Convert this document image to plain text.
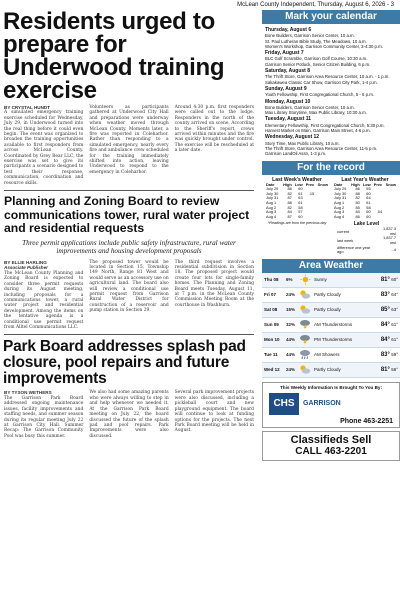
McLean County Independent, Thursday, August 6, 2026 - 3
Residents urged to prepare for Underwood training exercise
BY CRYSTAL HUNDT
A simulated emergency training exercise scheduled for Wednesday, July 29, in Underwood turned into the real thing before it could even begin. The event was organized to broaden the training opportunities available to first responders from across McLean County. Coordinated by Grey Bear LLC, the exercise was set to give its participants a scenario designed to test their response, communication, coordination and resource skills.
Volunteers as participants gathered at Underwood City Hall and preparations were underway when weather moved through McLean County. Moments later, a fire was reported in Coleharbor. Rather than responding to a simulated emergency, nearly every fire and ambulance crew scheduled for the training immediately shifted into action, leaving Underwood to respond to the emergency in Coleharbor.
Around 4:30 p.m. first responders were called out to the lodge. Responders in the north of the county arrived on scene. According to the Sheriff's report, crews arrived within minutes and the fire was quickly brought under control. The exercise will be rescheduled at a later date.
Planning and Zoning Board to review communications tower, rural water project and residential requests
Three permit applications include public safety infrastructure, rural water improvements and housing development proposals
BY ELLIE HARLING
Associate Publisher
The McLean County Planning and Zoning Board is expected to consider three permit requests during its August meeting, including proposals for a communications tower, a rural water project and residential development. Among the items on the tentative agenda is a conditional use permit request from Alltel Communications LLC.
The proposed tower would be located in Section 15, Township 149 North, Range 81 West and would serve as an accessory use on agricultural land. The board also will review a conditional use permit request from Garrison Rural Water District for construction of a reservoir and pump station in Section 29.
The third request involves a residential subdivision in Section 18. The proposed project would create four lots for single-family homes. The Planning and Zoning Board meets Tuesday, August 11, at 7 p.m. in the McLean County Commission Meeting Room at the courthouse in Washburn.
Park Board addresses splash pad closure, pool repairs and future improvements
BY TYSON WETHERS
The Garrison Park Board addressed ongoing maintenance issues, facility improvements and staffing needs, and summer season during its regular meeting July 22 at Garrison City Hall. Summer Recap: The Garrison Community Pool was busy this summer.
We also had some amazing parents who were always willing to step in and help whenever we needed it. At the Garrison Park Board meeting on July 22, the board discussed the future of the splash pad and pool repairs. Park Improvements were also discussed.
Several park improvement projects were also discussed, including a pickleball court and new playground equipment. The board will continue to look at funding options for the projects. The next Park Board meeting will be held in August.
Mark your calendar
Thursday, August 6
Bone Builders, Garrison Senior Center, 10 a.m.
St. Paul Lutheran Bible Study, The Meadows, 10 a.m.
Women's Workshop, Garrison Community Center, 3-4:30 p.m.
Friday, August 7
BLC Golf Scramble, Garrison Golf Course, 10:30 a.m.
Garrison Senior Potluck, Senior Citizen Building, 6 p.m.
Saturday, August 8
The Thrift Store, Garrison Area Resource Center, 10 a.m. - 1 p.m.
Sakakawea Classic Car Show, Garrison City Park, 1-4 p.m.
Sunday, August 9
Youth Fellowship, First Congregational Church, 5 - 6 p.m.
Monday, August 10
Bone Builders, Garrison Senior Center, 10 a.m.
Max Library Storytime, Max Public Library, 10:30 a.m.
Tuesday, August 11
Elementary Fellowship, First Congregational Church, 5:30 p.m.
Harvest Market on Main, Garrison Main Street, 4-6 p.m.
Wednesday, August 12
Story Time, Max Public Library, 10 a.m.
The Thrift Store, Garrison Area Resource Center, 11-5 p.m.
Garrison LandOil Assn, 1-3 p.m.
For the record
Last Week's Weather
Date	High	Low	Prec	Snow
July 29	86	60		
July 30	82	61	.15	
July 31	87	63		
Aug 1	88	61		
Aug 2	82	58		
Aug 3	84	57		
Aug 4	87	60		
Last Year's Weather
Date	High	Low	Prec	Snow
July 29	86	55		
July 30	88	60		
July 31	82	64		
Aug 1	80	61		
Aug 2	85	58		
Aug 3	84	60	.04	
Aug 4	86	60		
*Readings are from the previous day	Lake Level
current	1,837.3 msl
last week	1,837.7 msl
difference one year ago	-.4
Area Weather
Thu 08	6%	Sunny	81° 60°
Fri 07	24%	Partly Cloudy	83° 64°
Sat 08	15%	Partly Cloudy	85° 63°
Sun 09	32%	AM Thunderstorms	84° 61°
Mon 10	44%	PM Thunderstorms	84° 61°
Tue 11	44%	AM Showers	83° 59°
Wed 12	24%	Partly Cloudy	81° 56°
This Weekly Information Is Brought To You By:
CHS	GARRISON
Phone 463-2251
Classifieds Sell
CALL 463-2201
